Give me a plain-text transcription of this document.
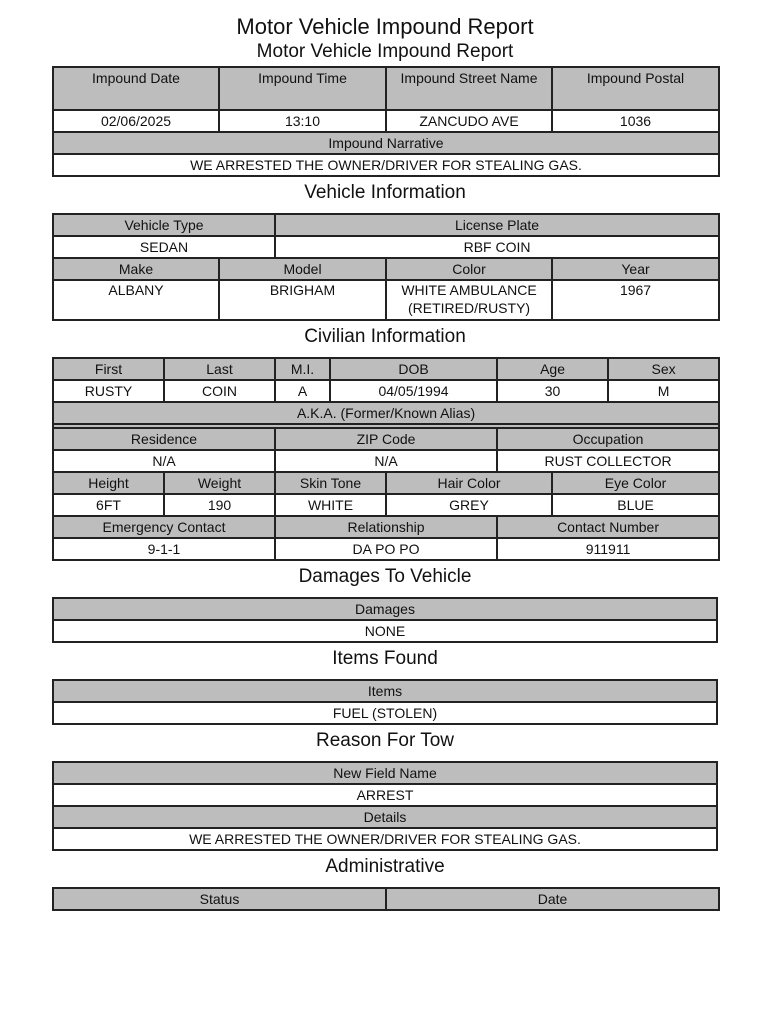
Motor Vehicle Impound Report
Motor Vehicle Impound Report
Impound Date	Impound Time	Impound Street Name	Impound Postal
02/06/2025	13:10	ZANCUDO AVE	1036
Impound Narrative			
WE ARRESTED THE OWNER/DRIVER FOR STEALING GAS.			
Vehicle Information
Vehicle Type		License Plate		
SEDAN		RBF COIN		
Make	Model		Color	Year
ALBANY	BRIGHAM		WHITE AMBULANCE (RETIRED/RUSTY)	1967
Civilian Information
First	Last	M.I.	DOB		Age		Sex
RUSTY	COIN	A	04/05/1994		30		M
A.K.A. (Former/Known Alias)							

Residence		ZIP Code			Occupation		
N/A		N/A			RUST COLLECTOR		
Height	Weight	Skin Tone		Hair Color		Eye Color	
6FT	190	WHITE		GREY		BLUE	
Emergency Contact		Relationship			Contact Number		
9-1-1		DA PO PO			911911		
Damages To Vehicle
Damages
NONE
Items Found
Items
FUEL (STOLEN)
Reason For Tow
New Field Name
ARREST
Details
WE ARRESTED THE OWNER/DRIVER FOR STEALING GAS.
Administrative
Status	Date
